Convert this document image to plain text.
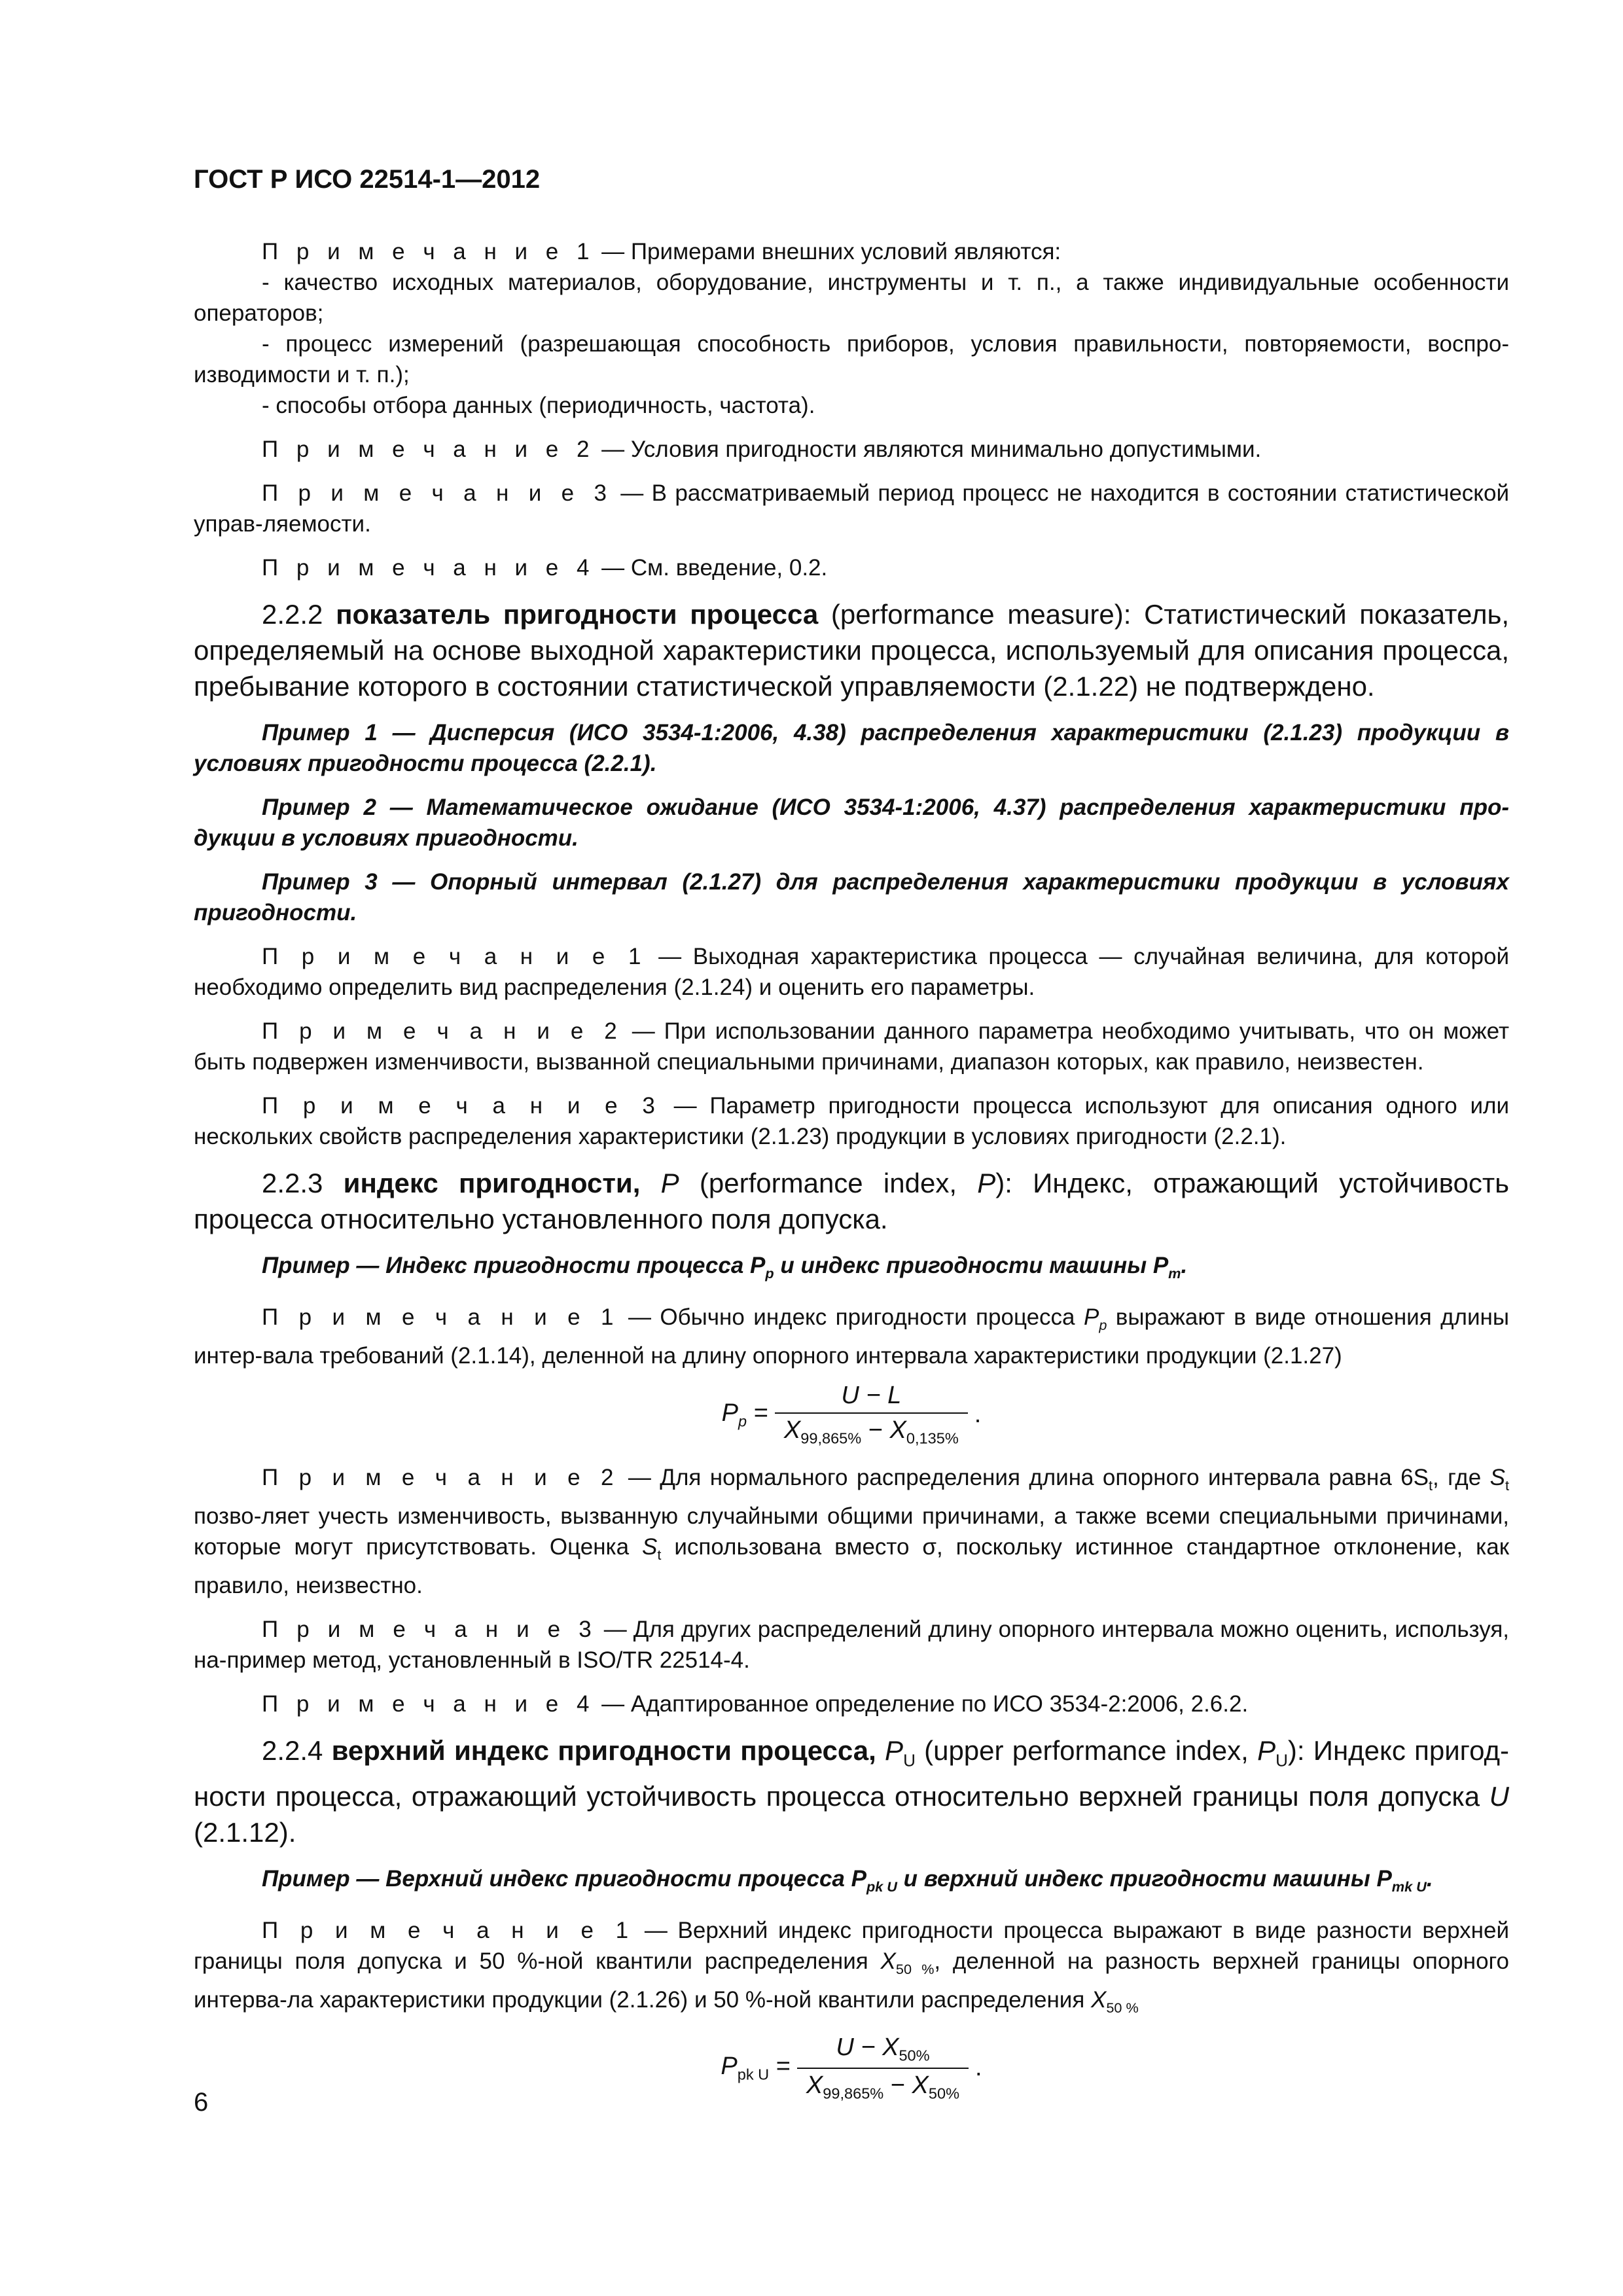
ГОСТ Р ИСО 22514-1—2012

П р и м е ч а н и е 1 — Примерами внешних условий являются:

- качество исходных материалов, оборудование, инструменты и т. п., а также индивидуальные особенности операторов;

- процесс измерений (разрешающая способность приборов, условия правильности, повторяемости, воспро-изводимости и т. п.);

- способы отбора данных (периодичность, частота).

П р и м е ч а н и е 2 — Условия пригодности являются минимально допустимыми.

П р и м е ч а н и е 3 — В рассматриваемый период процесс не находится в состоянии статистической управ-ляемости.

П р и м е ч а н и е 4 — См. введение, 0.2.

2.2.2 показатель пригодности процесса (performance measure): Статистический показатель, определяемый на основе выходной характеристики процесса, используемый для описания процесса, пребывание которого в состоянии статистической управляемости (2.1.22) не подтверждено.

Пример 1 — Дисперсия (ИСО 3534-1:2006, 4.38) распределения характеристики (2.1.23) продукции в условиях пригодности процесса (2.2.1).

Пример 2 — Математическое ожидание (ИСО 3534-1:2006, 4.37) распределения характеристики про-дукции в условиях пригодности.

Пример 3 — Опорный интервал (2.1.27) для распределения характеристики продукции в условиях пригодности.

П р и м е ч а н и е 1 — Выходная характеристика процесса — случайная величина, для которой необходимо определить вид распределения (2.1.24) и оценить его параметры.

П р и м е ч а н и е 2 — При использовании данного параметра необходимо учитывать, что он может быть подвержен изменчивости, вызванной специальными причинами, диапазон которых, как правило, неизвестен.

П р и м е ч а н и е 3 — Параметр пригодности процесса используют для описания одного или нескольких свойств распределения характеристики (2.1.23) продукции в условиях пригодности (2.2.1).

2.2.3 индекс пригодности, P (performance index, P): Индекс, отражающий устойчивость процесса относительно установленного поля допуска.

Пример — Индекс пригодности процесса $P_p$ и индекс пригодности машины $P_m$.

П р и м е ч а н и е 1 — Обычно индекс пригодности процесса $P_p$ выражают в виде отношения длины интер-вала требований (2.1.14), деленной на длину опорного интервала характеристики продукции (2.1.27)

$P_p = \frac{U - L}{X_{99,865\%} - X_{0,135\%}}$ .

П р и м е ч а н и е 2 — Для нормального распределения длина опорного интервала равна $6S_t$, где $S_t$ позво-ляет учесть изменчивость, вызванную случайными общими причинами, а также всеми специальными причинами, которые могут присутствовать. Оценка $S_t$ использована вместо σ, поскольку истинное стандартное отклонение, как правило, неизвестно.

П р и м е ч а н и е 3 — Для других распределений длину опорного интервала можно оценить, используя, на-пример метод, установленный в ISO/TR 22514-4.

П р и м е ч а н и е 4 — Адаптированное определение по ИСО 3534-2:2006, 2.6.2.

2.2.4 верхний индекс пригодности процесса, $P_U$ (upper performance index, $P_U$): Индекс пригод-ности процесса, отражающий устойчивость процесса относительно верхней границы поля допуска U (2.1.12).

Пример — Верхний индекс пригодности процесса $P_{pk U}$ и верхний индекс пригодности машины $P_{mk U}$.

П р и м е ч а н и е 1 — Верхний индекс пригодности процесса выражают в виде разности верхней границы поля допуска и 50 %-ной квантили распределения $X_{50 \%}$, деленной на разность верхней границы опорного интерва-ла характеристики продукции (2.1.26) и 50 %-ной квантили распределения $X_{50 \%}$

$P_{pk U} = \frac{U - X_{50\%}}{X_{99,865\%} - X_{50\%}}$ .
6
